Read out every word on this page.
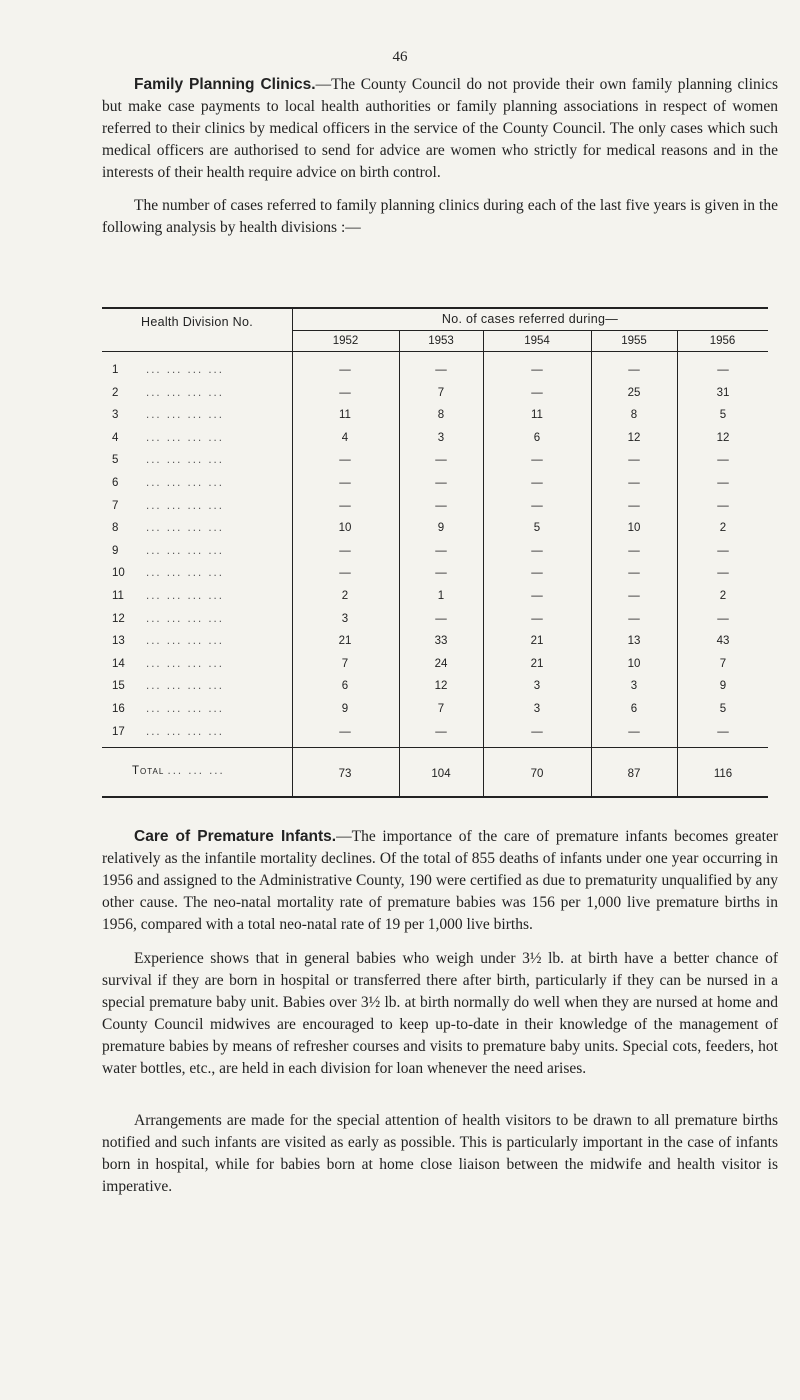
46

Family Planning Clinics.—The County Council do not provide their own family planning clinics but make case payments to local health authorities or family planning associations in respect of women referred to their clinics by medical officers in the service of the County Council. The only cases which such medical officers are authorised to send for advice are women who strictly for medical reasons and in the interests of their health require advice on birth control.

The number of cases referred to family planning clinics during each of the last five years is given in the following analysis by health divisions :—

Health Division No.	No. of cases referred during—
1952	1953	1954	1955	1956
1 ... ... ... ...	—	—	—	—	—
2 ... ... ... ...	—	7	—	25	31
3 ... ... ... ...	11	8	11	8	5
4 ... ... ... ...	4	3	6	12	12
5 ... ... ... ...	—	—	—	—	—
6 ... ... ... ...	—	—	—	—	—
7 ... ... ... ...	—	—	—	—	—
8 ... ... ... ...	10	9	5	10	2
9 ... ... ... ...	—	—	—	—	—
10 ... ... ... ...	—	—	—	—	—
11 ... ... ... ...	2	1	—	—	2
12 ... ... ... ...	3	—	—	—	—
13 ... ... ... ...	21	33	21	13	43
14 ... ... ... ...	7	24	21	10	7
15 ... ... ... ...	6	12	3	3	9
16 ... ... ... ...	9	7	3	6	5
17 ... ... ... ...	—	—	—	—	—
Total ... ... ...	73	104	70	87	116

Care of Premature Infants.—The importance of the care of premature infants becomes greater relatively as the infantile mortality declines. Of the total of 855 deaths of infants under one year occurring in 1956 and assigned to the Administrative County, 190 were certified as due to prematurity unqualified by any other cause. The neo-natal mortality rate of premature babies was 156 per 1,000 live premature births in 1956, compared with a total neo-natal rate of 19 per 1,000 live births.

Experience shows that in general babies who weigh under 3½ lb. at birth have a better chance of survival if they are born in hospital or transferred there after birth, particularly if they can be nursed in a special premature baby unit. Babies over 3½ lb. at birth normally do well when they are nursed at home and County Council midwives are encouraged to keep up-to-date in their knowledge of the management of premature babies by means of refresher courses and visits to premature baby units. Special cots, feeders, hot water bottles, etc., are held in each division for loan whenever the need arises.

Arrangements are made for the special attention of health visitors to be drawn to all premature births notified and such infants are visited as early as possible. This is particularly important in the case of infants born in hospital, while for babies born at home close liaison between the midwife and health visitor is imperative.
